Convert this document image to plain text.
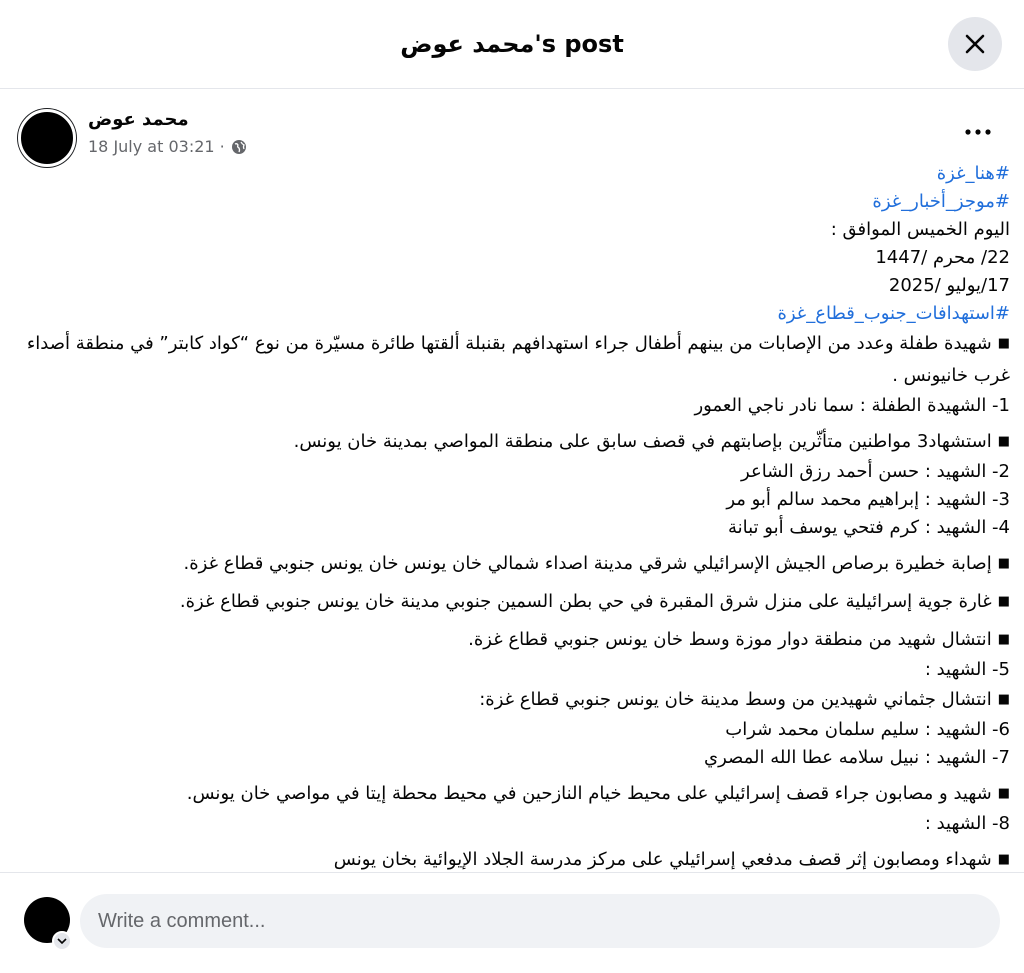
محمد عوض's post
محمد عوض
18 July at 03:21 ·
#هنا_غزة
#موجز_أخبار_غزة
اليوم الخميس الموافق :
22/ محرم /1447
17/يوليو /2025
#استهدافات_جنوب_قطاع_غزة
■شهيدة طفلة وعدد من الإصابات من بينهم أطفال جراء استهدافهم بقنبلة ألقتها طائرة مسيّرة من نوع “كواد كابتر” في منطقة أصداء غرب خانيونس .
1- الشهيدة الطفلة : سما نادر ناجي العمور
■استشهاد3 مواطنين متأثّرين بإصابتهم في قصف سابق على منطقة المواصي بمدينة خان يونس.
2- الشهيد : حسن أحمد رزق الشاعر
3- الشهيد : إبراهيم محمد سالم أبو مر
4- الشهيد : كرم فتحي يوسف أبو تبانة
■إصابة خطيرة برصاص الجيش الإسرائيلي شرقي مدينة اصداء شمالي خان يونس خان يونس جنوبي قطاع غزة.
■غارة جوية إسرائيلية على منزل شرق المقبرة في حي بطن السمين جنوبي مدينة خان يونس جنوبي قطاع غزة.
■انتشال شهيد من منطقة دوار موزة وسط خان يونس جنوبي قطاع غزة.
5- الشهيد :
■انتشال جثماني شهيدين من وسط مدينة خان يونس جنوبي قطاع غزة:
6- الشهيد : سليم سلمان محمد شراب
7- الشهيد : نبيل سلامه عطا الله المصري
■شهيد و مصابون جراء قصف إسرائيلي على محيط خيام النازحين في محيط محطة إيتا في مواصي خان يونس.
8- الشهيد :
■شهداء ومصابون إثر قصف مدفعي إسرائيلي على مركز مدرسة الجلاد الإيوائية بخان يونس
Write a comment...
